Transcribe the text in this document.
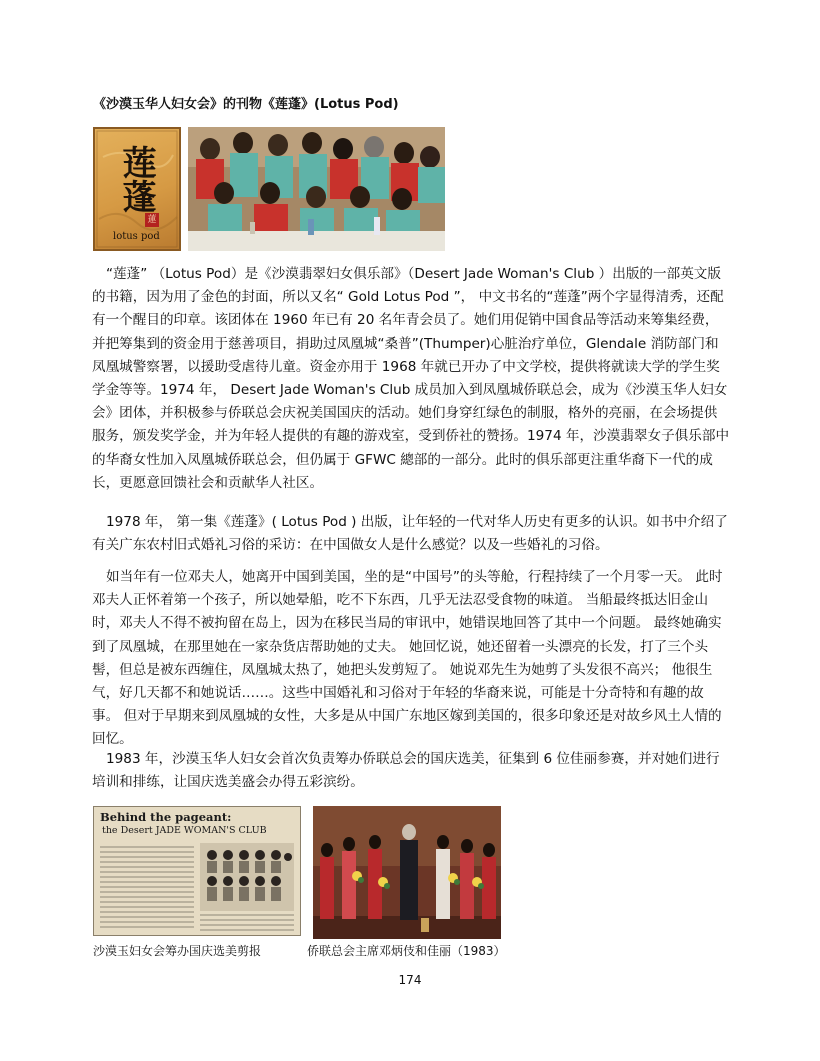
《沙漠玉华人妇女会》的刊物《莲蓬》(Lotus Pod)
莲蓬
蓮
lotus pod

“莲蓬” （Lotus Pod）是《沙漠翡翠妇女俱乐部》（Desert Jade Woman's Club ）出版的一部英文版的书籍，因为用了金色的封面，所以又名“ Gold Lotus Pod ”， 中文书名的“莲蓬”两个字显得清秀，还配有一个醒目的印章。该团体在 1960 年已有 20 名年青会员了。她们用促销中国食品等活动来筹集经费，并把筹集到的资金用于慈善项目，捐助过凤凰城“桑普”(Thumper)心脏治疗单位，Glendale 消防部门和凤凰城警察署，以援助受虐待儿童。资金亦用于 1968 年就已开办了中文学校，提供将就读大学的学生奖学金等等。1974 年， Desert Jade Woman's Club 成员加入到凤凰城侨联总会，成为《沙漠玉华人妇女会》团体，并积极参与侨联总会庆祝美国国庆的活动。她们身穿红绿色的制服，格外的亮丽，在会场提供服务，颁发奖学金，并为年轻人提供的有趣的游戏室，受到侨社的赞扬。1974 年，沙漠翡翠女子俱乐部中的华裔女性加入凤凰城侨联总会，但仍属于 GFWC 總部的一部分。此时的俱乐部更注重华裔下一代的成长，更愿意回馈社会和贡献华人社区。

1978 年， 第一集《莲蓬》( Lotus Pod ) 出版，让年轻的一代对华人历史有更多的认识。如书中介绍了有关广东农村旧式婚礼习俗的采访：在中国做女人是什么感觉？以及一些婚礼的习俗。

如当年有一位邓夫人，她离开中国到美国，坐的是“中国号”的头等舱，行程持续了一个月零一天。 此时邓夫人正怀着第一个孩子，所以她晕船，吃不下东西，几乎无法忍受食物的味道。 当船最终抵达旧金山时，邓夫人不得不被拘留在岛上，因为在移民当局的审讯中，她错误地回答了其中一个问题。 最终她确实到了凤凰城，在那里她在一家杂货店帮助她的丈夫。 她回忆说，她还留着一头漂亮的长发，打了三个头髻，但总是被东西缠住，凤凰城太热了，她把头发剪短了。 她说邓先生为她剪了头发很不高兴； 他很生气，好几天都不和她说话……。这些中国婚礼和习俗对于年轻的华裔来说，可能是十分奇特和有趣的故事。 但对于早期来到凤凰城的女性，大多是从中国广东地区嫁到美国的，很多印象还是对故乡风土人情的回忆。

1983 年，沙漠玉华人妇女会首次负责筹办侨联总会的国庆选美，征集到 6 位佳丽参赛，并对她们进行培训和排练，让国庆选美盛会办得五彩滨纷。

Behind the pageant:
the Desert JADE WOMAN'S CLUB
沙漠玉妇女会筹办国庆选美剪报	侨联总会主席邓炳伎和佳丽（1983）
174
